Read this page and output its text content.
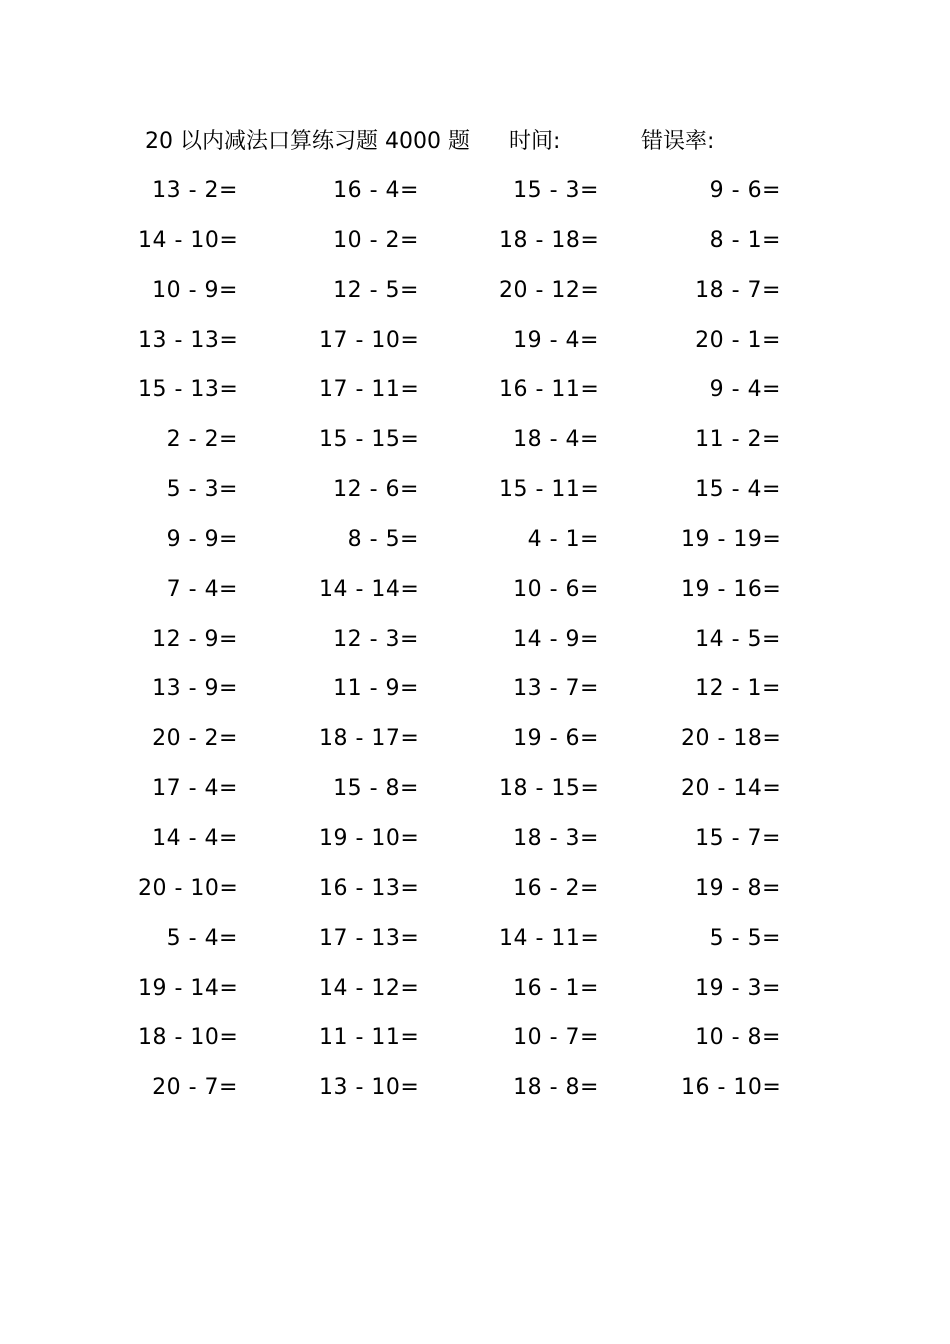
20 以内减法口算练习题 4000 题 时间:	错误率:
13 - 2=	16 - 4=	15 - 3=	9 - 6=
14 - 10=	10 - 2=	18 - 18=	8 - 1=
10 - 9=	12 - 5=	20 - 12=	18 - 7=
13 - 13=	17 - 10=	19 - 4=	20 - 1=
15 - 13=	17 - 11=	16 - 11=	9 - 4=
2 - 2=	15 - 15=	18 - 4=	11 - 2=
5 - 3=	12 - 6=	15 - 11=	15 - 4=
9 - 9=	8 - 5=	4 - 1=	19 - 19=
7 - 4=	14 - 14=	10 - 6=	19 - 16=
12 - 9=	12 - 3=	14 - 9=	14 - 5=
13 - 9=	11 - 9=	13 - 7=	12 - 1=
20 - 2=	18 - 17=	19 - 6=	20 - 18=
17 - 4=	15 - 8=	18 - 15=	20 - 14=
14 - 4=	19 - 10=	18 - 3=	15 - 7=
20 - 10=	16 - 13=	16 - 2=	19 - 8=
5 - 4=	17 - 13=	14 - 11=	5 - 5=
19 - 14=	14 - 12=	16 - 1=	19 - 3=
18 - 10=	11 - 11=	10 - 7=	10 - 8=
20 - 7=	13 - 10=	18 - 8=	16 - 10=
